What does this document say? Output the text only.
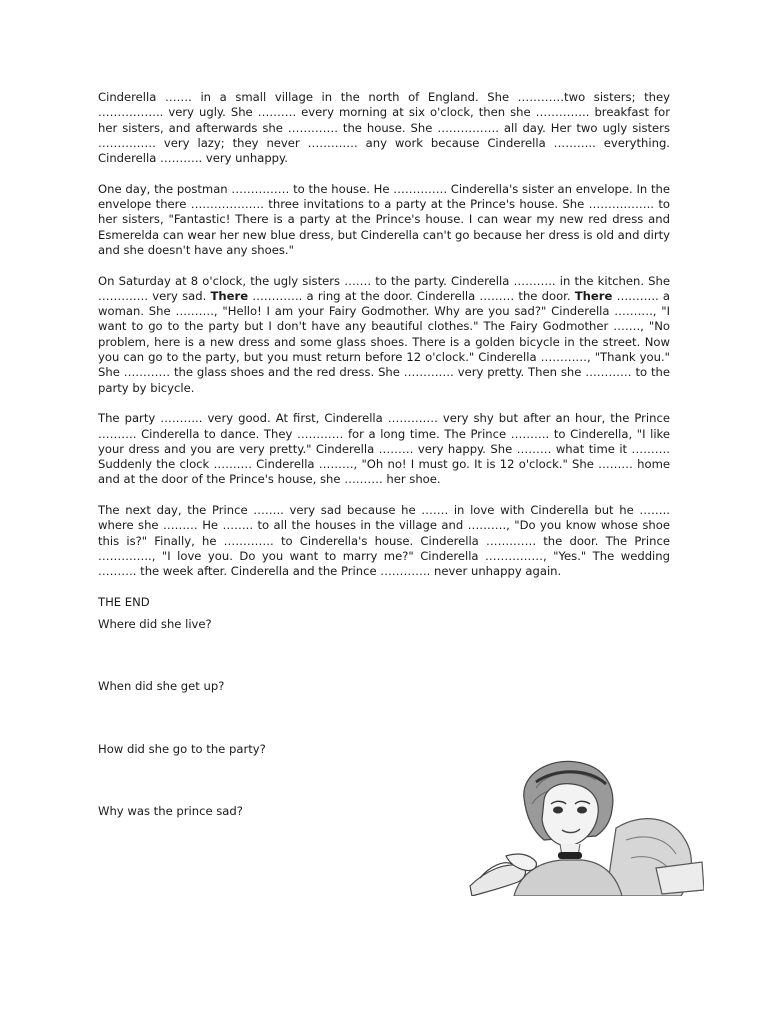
Cinderella ……. in a small village in the north of England. She …………two sisters; they …………….. very ugly. She ………. every morning at six o'clock, then she ………….. breakfast for her sisters, and afterwards she …………. the house. She ……………. all day. Her two ugly sisters …………… very lazy; they never …………. any work because Cinderella ……….. everything. Cinderella ……….. very unhappy.

One day, the postman …………… to the house. He ………….. Cinderella's sister an envelope. In the envelope there ………………. three invitations to a party at the Prince's house. She …………….. to her sisters, "Fantastic! There is a party at the Prince's house. I can wear my new red dress and Esmerelda can wear her new blue dress, but Cinderella can't go because her dress is old and dirty and she doesn't have any shoes."

On Saturday at 8 o'clock, the ugly sisters ……. to the party. Cinderella ……….. in the kitchen. She …………. very sad. There …………. a ring at the door. Cinderella ……… the door. There ……….. a woman. She ………., "Hello! I am your Fairy Godmother. Why are you sad?" Cinderella ………., "I want to go to the party but I don't have any beautiful clothes." The Fairy Godmother ……., "No problem, here is a new dress and some glass shoes. There is a golden bicycle in the street. Now you can go to the party, but you must return before 12 o'clock." Cinderella …………, "Thank you." She ………… the glass shoes and the red dress. She …………. very pretty. Then she ………… to the party by bicycle.

The party ……….. very good. At first, Cinderella …………. very shy but after an hour, the Prince ………. Cinderella to dance. They ………… for a long time. The Prince ………. to Cinderella, "I like your dress and you are very pretty." Cinderella ……… very happy. She ……… what time it ………. Suddenly the clock ………. Cinderella ………, "Oh no! I must go. It is 12 o'clock." She ……… home and at the door of the Prince's house, she ………. her shoe.

The next day, the Prince …….. very sad because he ……. in love with Cinderella but he …….. where she ……… He …….. to all the houses in the village and ………., "Do you know whose shoe this is?" Finally, he …………. to Cinderella's house. Cinderella …………. the door. The Prince ………….., "I love you. Do you want to marry me?" Cinderella ……………, "Yes." The wedding ………. the week after. Cinderella and the Prince …………. never unhappy again.

THE END

Where did she live?

When did she get up?

How did she go to the party?

Why was the prince sad?
